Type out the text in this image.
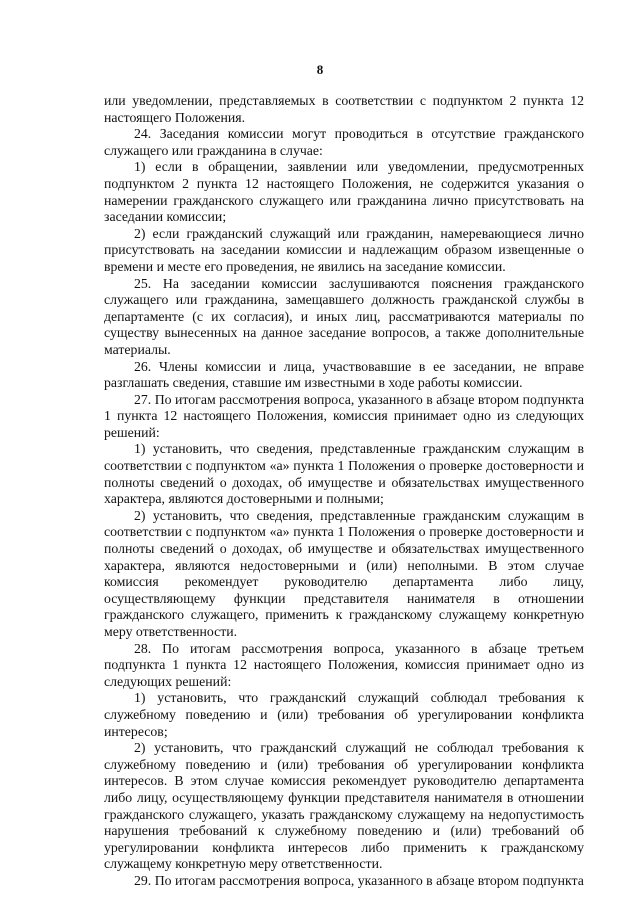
8

или уведомлении, представляемых в соответствии с подпунктом 2 пункта 12 настоящего Положения.

24. Заседания комиссии могут проводиться в отсутствие гражданского служащего или гражданина в случае:

1) если в обращении, заявлении или уведомлении, предусмотренных подпунктом 2 пункта 12 настоящего Положения, не содержится указания о намерении гражданского служащего или гражданина лично присутствовать на заседании комиссии;

2) если гражданский служащий или гражданин, намеревающиеся лично присутствовать на заседании комиссии и надлежащим образом извещенные о времени и месте его проведения, не явились на заседание комиссии.

25. На заседании комиссии заслушиваются пояснения гражданского служащего или гражданина, замещавшего должность гражданской службы в департаменте (с их согласия), и иных лиц, рассматриваются материалы по существу вынесенных на данное заседание вопросов, а также дополнительные материалы.

26. Члены комиссии и лица, участвовавшие в ее заседании, не вправе разглашать сведения, ставшие им известными в ходе работы комиссии.

27. По итогам рассмотрения вопроса, указанного в абзаце втором подпункта 1 пункта 12 настоящего Положения, комиссия принимает одно из следующих решений:

1) установить, что сведения, представленные гражданским служащим в соответствии с подпунктом «а» пункта 1 Положения о проверке достоверности и полноты сведений о доходах, об имуществе и обязательствах имущественного характера, являются достоверными и полными;

2) установить, что сведения, представленные гражданским служащим в соответствии с подпунктом «а» пункта 1 Положения о проверке достоверности и полноты сведений о доходах, об имуществе и обязательствах имущественного характера, являются недостоверными и (или) неполными. В этом случае комиссия рекомендует руководителю департамента либо лицу, осуществляющему функции представителя нанимателя в отношении гражданского служащего, применить к гражданскому служащему конкретную меру ответственности.

28. По итогам рассмотрения вопроса, указанного в абзаце третьем подпункта 1 пункта 12 настоящего Положения, комиссия принимает одно из следующих решений:

1) установить, что гражданский служащий соблюдал требования к служебному поведению и (или) требования об урегулировании конфликта интересов;

2) установить, что гражданский служащий не соблюдал требования к служебному поведению и (или) требования об урегулировании конфликта интересов. В этом случае комиссия рекомендует руководителю департамента либо лицу, осуществляющему функции представителя нанимателя в отношении гражданского служащего, указать гражданскому служащему на недопустимость нарушения требований к служебному поведению и (или) требований об урегулировании конфликта интересов либо применить к гражданскому служащему конкретную меру ответственности.

29. По итогам рассмотрения вопроса, указанного в абзаце втором подпункта
